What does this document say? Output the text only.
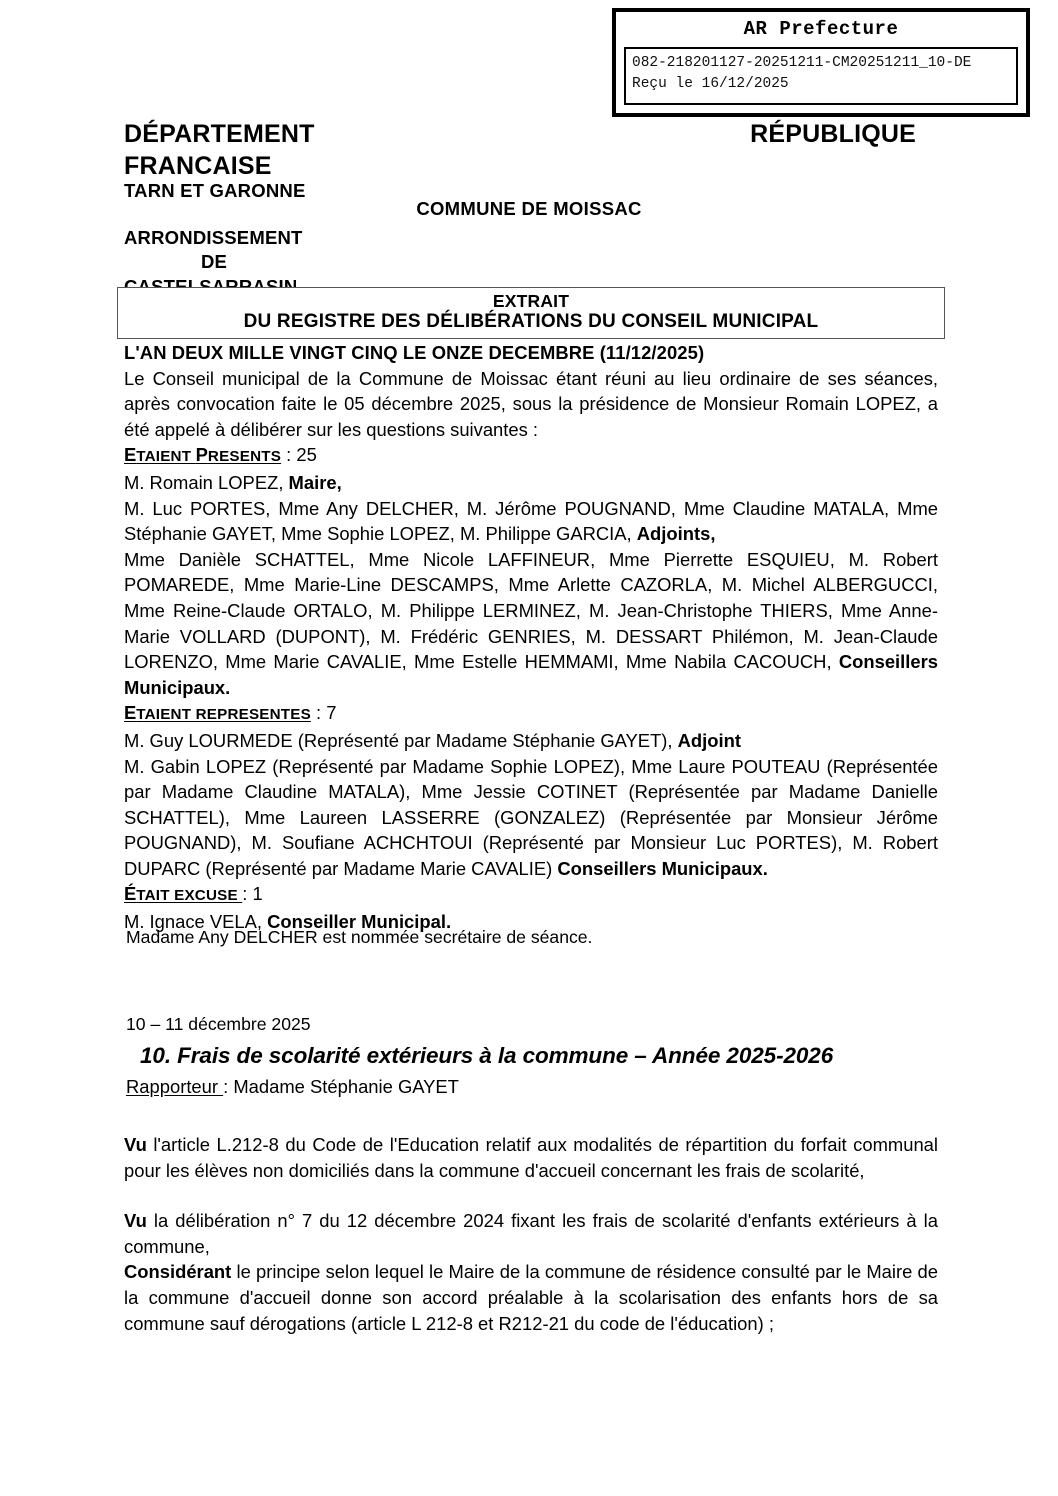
AR Prefecture
082-218201127-20251211-CM20251211_10-DE
Reçu le 16/12/2025
DÉPARTEMENT
FRANCAISE
TARN ET GARONNE
ARRONDISSEMENT
DE
RÉPUBLIQUE
COMMUNE DE MOISSAC
EXTRAIT
DU REGISTRE DES DÉLIBÉRATIONS DU CONSEIL MUNICIPAL
L'AN DEUX MILLE VINGT CINQ LE ONZE DECEMBRE (11/12/2025)

Le Conseil municipal de la Commune de Moissac étant réuni au lieu ordinaire de ses séances, après convocation faite le 05 décembre 2025, sous la présidence de Monsieur Romain LOPEZ, a été appelé à délibérer sur les questions suivantes :

ETAIENT PRESENTS : 25
M. Romain LOPEZ, Maire,

M. Luc PORTES, Mme Any DELCHER, M. Jérôme POUGNAND, Mme Claudine MATALA, Mme Stéphanie GAYET, Mme Sophie LOPEZ, M. Philippe GARCIA, Adjoints,

Mme Danièle SCHATTEL, Mme Nicole LAFFINEUR, Mme Pierrette ESQUIEU, M. Robert POMAREDE, Mme Marie-Line DESCAMPS, Mme Arlette CAZORLA, M. Michel ALBERGUCCI, Mme Reine-Claude ORTALO, M. Philippe LERMINEZ, M. Jean-Christophe THIERS, Mme Anne-Marie VOLLARD (DUPONT), M. Frédéric GENRIES, M. DESSART Philémon, M. Jean-Claude LORENZO, Mme Marie CAVALIE, Mme Estelle HEMMAMI, Mme Nabila CACOUCH, Conseillers Municipaux.

ETAIENT REPRESENTES : 7
M. Guy LOURMEDE (Représenté par Madame Stéphanie GAYET), Adjoint

M. Gabin LOPEZ (Représenté par Madame Sophie LOPEZ), Mme Laure POUTEAU (Représentée par Madame Claudine MATALA), Mme Jessie COTINET (Représentée par Madame Danielle SCHATTEL), Mme Laureen LASSERRE (GONZALEZ) (Représentée par Monsieur Jérôme POUGNAND), M. Soufiane ACHCHTOUI (Représenté par Monsieur Luc PORTES), M. Robert DUPARC (Représenté par Madame Marie CAVALIE) Conseillers Municipaux.

ÉTAIT EXCUSE : 1
M. Ignace VELA, Conseiller Municipal.
Madame Any DELCHER est nommée secrétaire de séance.
10 – 11 décembre 2025
10. Frais de scolarité extérieurs à la commune – Année 2025-2026
Rapporteur : Madame Stéphanie GAYET

Vu l'article L.212-8 du Code de l'Education relatif aux modalités de répartition du forfait communal pour les élèves non domiciliés dans la commune d'accueil concernant les frais de scolarité,

Vu la délibération n° 7 du 12 décembre 2024 fixant les frais de scolarité d'enfants extérieurs à la commune,

Considérant le principe selon lequel le Maire de la commune de résidence consulté par le Maire de la commune d'accueil donne son accord préalable à la scolarisation des enfants hors de sa commune sauf dérogations (article L 212-8 et R212-21 du code de l'éducation) ;
